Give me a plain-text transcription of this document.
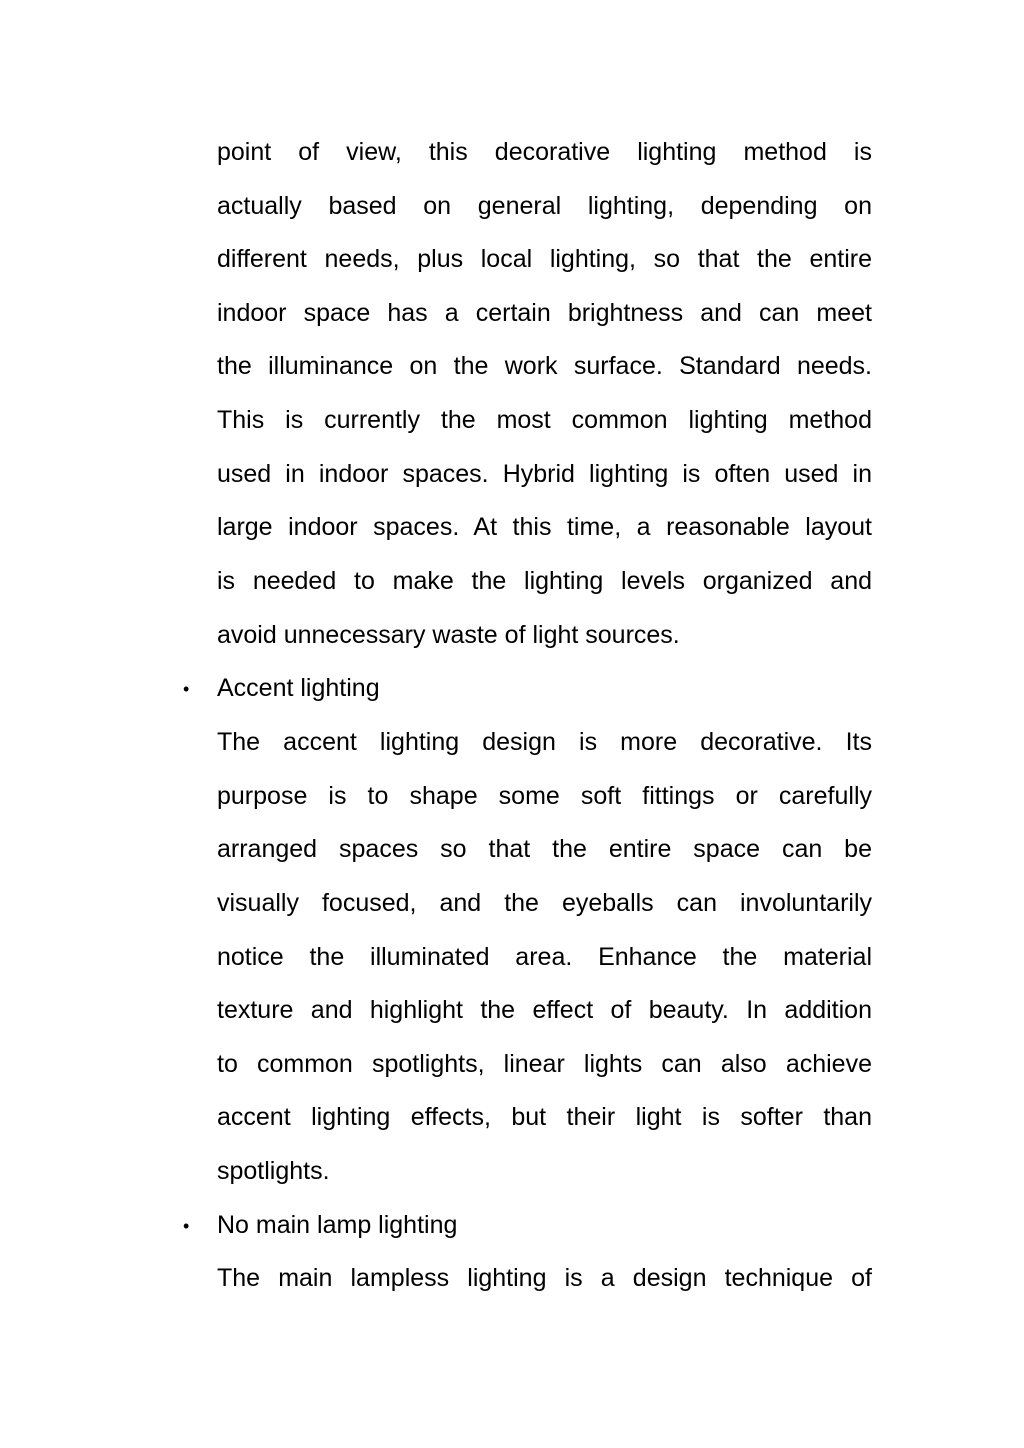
point of view, this decorative lighting method is
actually based on general lighting, depending on
different needs, plus local lighting, so that the entire
indoor space has a certain brightness and can meet
the illuminance on the work surface. Standard needs.
This is currently the most common lighting method
used in indoor spaces. Hybrid lighting is often used in
large indoor spaces. At this time, a reasonable layout
is needed to make the lighting levels organized and
avoid unnecessary waste of light sources.
• Accent lighting
The accent lighting design is more decorative. Its
purpose is to shape some soft fittings or carefully
arranged spaces so that the entire space can be
visually focused, and the eyeballs can involuntarily
notice the illuminated area. Enhance the material
texture and highlight the effect of beauty. In addition
to common spotlights, linear lights can also achieve
accent lighting effects, but their light is softer than
spotlights.
• No main lamp lighting
The main lampless lighting is a design technique of
